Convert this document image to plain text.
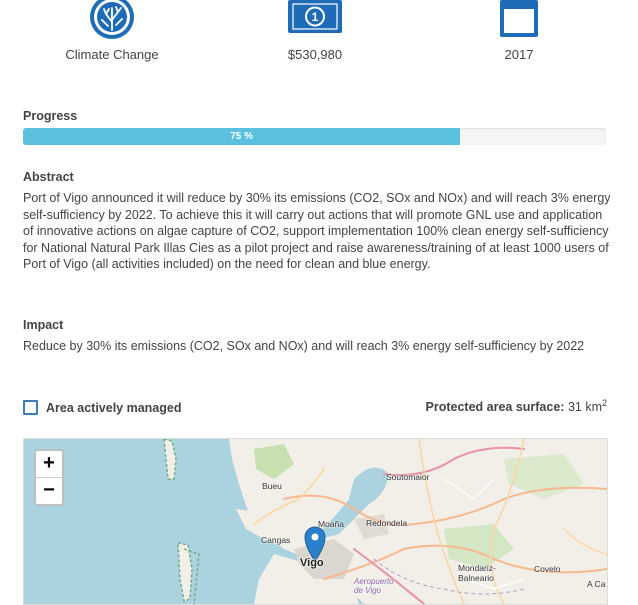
Climate Change
1
$530,980	2017
Progress
75 %
Abstract
Port of Vigo announced it will reduce by 30% its emissions (CO2, SOx and NOx) and will reach 3% energy self-sufficiency by 2022. To achieve this it will carry out actions that will promote GNL use and application of innovative actions on algae capture of CO2, support implementation 100% clean energy self-sufficiency for National Natural Park Illas Cies as a pilot project and raise awareness/training of at least 1000 users of Port of Vigo (all activities included) on the need for clean and blue energy.
Impact
Reduce by 30% its emissions (CO2, SOx and NOx) and will reach 3% energy self-sufficiency by 2022
Area actively managed	Protected area surface: 31 $km^2$
+
−	Bueu
Soutomaior
Moaña	Redondela
Cangas
Vigo	Mondariz-
Balneario
Covelo
Aeropuerto
de Vigo
A Ca
